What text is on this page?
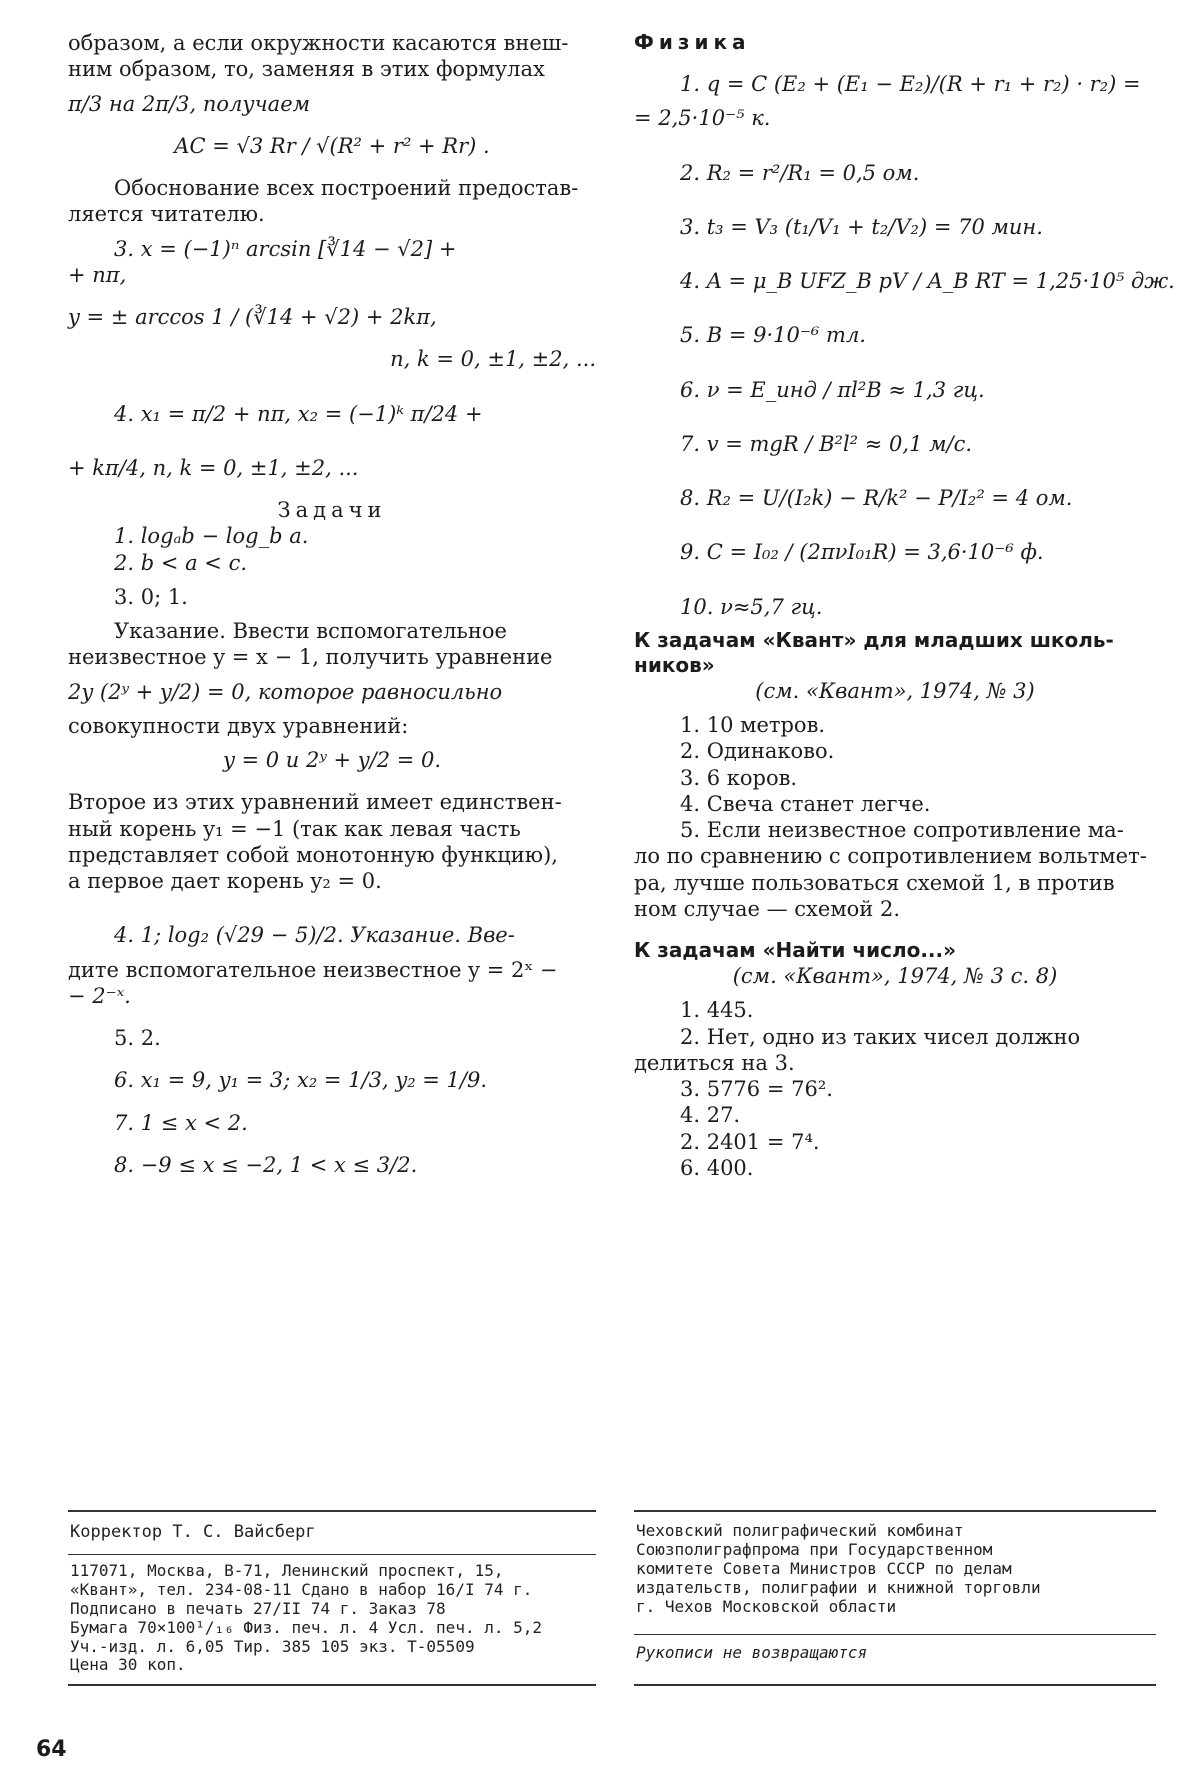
образом, а если окружности касаются внеш-

ним образом, то, заменяя в этих формулах

π/3 на 2π/3, получаем

AC = √3 Rr / √(R² + r² + Rr) .

Обоснование всех построений предостав-

ляется читателю.

3. x = (−1)ⁿ arcsin [∛14 − √2] +

+ nπ,

y = ± arccos 1 / (∛14 + √2) + 2kπ,

n, k = 0, ±1, ±2, ...

4. x₁ = π/2 + nπ, x₂ = (−1)ᵏ π/24 +

+ kπ/4, n, k = 0, ±1, ±2, ...

Задачи

1. logₐb − log_b a.

2. b < a < c.

3. 0; 1.

Указание. Ввести вспомогательное

неизвестное y = x − 1, получить уравнение

2y (2ʸ + y/2) = 0, которое равносильно

совокупности двух уравнений:

y = 0 и 2ʸ + y/2 = 0.

Второе из этих уравнений имеет единствен-

ный корень y₁ = −1 (так как левая часть

представляет собой монотонную функцию),

а первое дает корень y₂ = 0.

4. 1; log₂ (√29 − 5)/2. Указание. Вве-

дите вспомогательное неизвестное y = 2ˣ −

− 2⁻ˣ.

5. 2.

6. x₁ = 9, y₁ = 3; x₂ = 1/3, y₂ = 1/9.

7. 1 ≤ x < 2.

8. −9 ≤ x ≤ −2, 1 < x ≤ 3/2.

Физика

1. q = C (E₂ + (E₁ − E₂)/(R + r₁ + r₂) · r₂) =

= 2,5·10⁻⁵ к.

2. R₂ = r²/R₁ = 0,5 ом.

3. t₃ = V₃ (t₁/V₁ + t₂/V₂) = 70 мин.

4. A = μ_B UFZ_B pV / A_B RT = 1,25·10⁵ дж.

5. B = 9·10⁻⁶ тл.

6. ν = E_инд / πl²B ≈ 1,3 гц.

7. v = mgR / B²l² ≈ 0,1 м/с.

8. R₂ = U/(I₂k) − R/k² − P/I₂² = 4 ом.

9. C = I₀₂ / (2πνI₀₁R) = 3,6·10⁻⁶ ф.

10. ν≈5,7 гц.

К задачам «Квант» для младших школь-

ников»

(см. «Квант», 1974, № 3)

1. 10 метров.

2. Одинаково.

3. 6 коров.

4. Свеча станет легче.

5. Если неизвестное сопротивление ма-

ло по сравнению с сопротивлением вольтмет-

ра, лучше пользоваться схемой 1, в против

ном случае — схемой 2.

К задачам «Найти число...»

(см. «Квант», 1974, № 3 с. 8)

1. 445.

2. Нет, одно из таких чисел должно

делиться на 3.

3. 5776 = 76².

4. 27.

2. 2401 = 7⁴.

6. 400.

Корректор Т. С. Вайсберг
117071, Москва, В-71, Ленинский проспект, 15,
«Квант», тел. 234-08-11 Сдано в набор 16/I 74 г.
Подписано в печать 27/II 74 г. Заказ 78
Бумага 70×100¹/₁₆ Физ. печ. л. 4 Усл. печ. л. 5,2
Уч.-изд. л. 6,05 Тир. 385 105 экз. Т-05509
Цена 30 коп.
Чеховский полиграфический комбинат
Союзполиграфпрома при Государственном
комитете Совета Министров СССР по делам
издательств, полиграфии и книжной торговли
г. Чехов Московской области
Рукописи не возвращаются
64
